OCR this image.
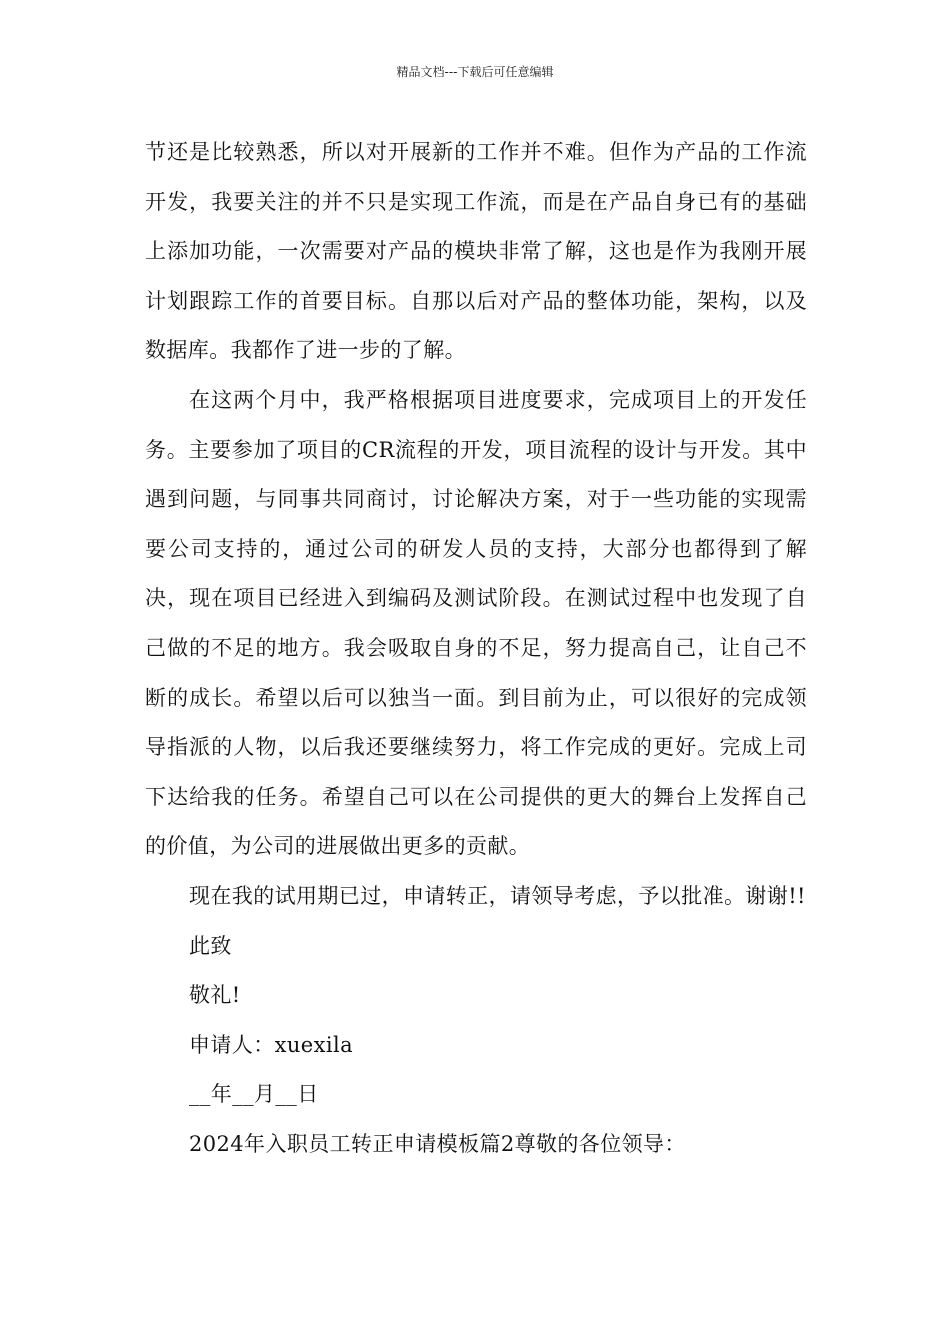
精品文档---下载后可任意编辑

节还是比较熟悉，所以对开展新的工作并不难。但作为产品的工作流开发，我要关注的并不只是实现工作流，而是在产品自身已有的基础上添加功能，一次需要对产品的模块非常了解，这也是作为我刚开展计划跟踪工作的首要目标。自那以后对产品的整体功能，架构，以及数据库。我都作了进一步的了解。

在这两个月中，我严格根据项目进度要求，完成项目上的开发任务。主要参加了项目的CR流程的开发，项目流程的设计与开发。其中遇到问题，与同事共同商讨，讨论解决方案，对于一些功能的实现需要公司支持的，通过公司的研发人员的支持，大部分也都得到了解决，现在项目已经进入到编码及测试阶段。在测试过程中也发现了自己做的不足的地方。我会吸取自身的不足，努力提高自己，让自己不断的成长。希望以后可以独当一面。到目前为止，可以很好的完成领导指派的人物，以后我还要继续努力，将工作完成的更好。完成上司下达给我的任务。希望自己可以在公司提供的更大的舞台上发挥自己的价值，为公司的进展做出更多的贡献。

现在我的试用期已过，申请转正，请领导考虑，予以批准。谢谢!!

此致

敬礼!

申请人：xuexila

__年__月__日

2024年入职员工转正申请模板篇2尊敬的各位领导：
